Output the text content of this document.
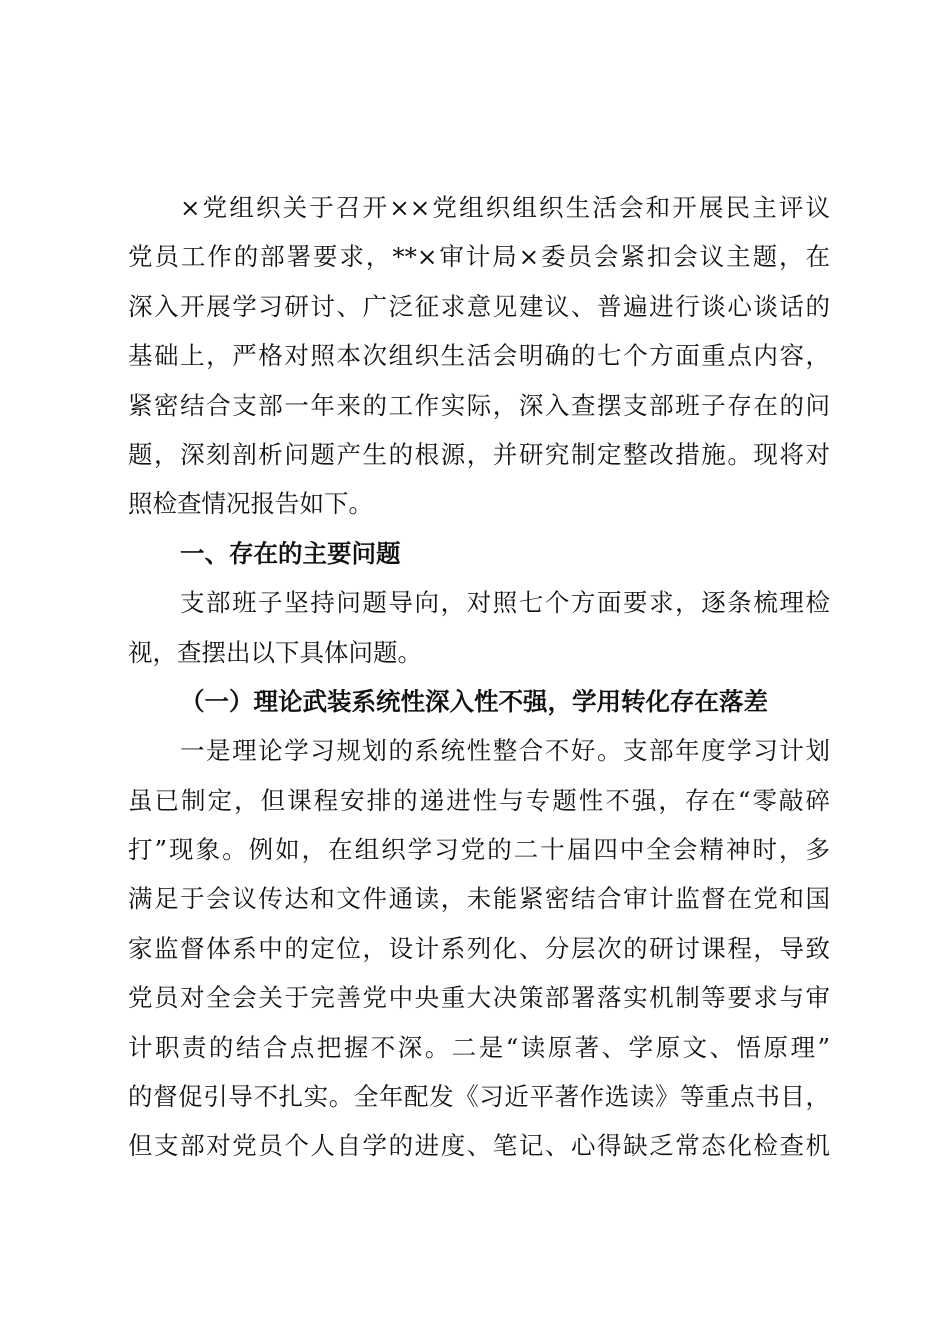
×党组织关于召开××党组织组织生活会和开展民主评议
党员工作的部署要求，**×审计局×委员会紧扣会议主题，在
深入开展学习研讨、广泛征求意见建议、普遍进行谈心谈话的
基础上，严格对照本次组织生活会明确的七个方面重点内容，
紧密结合支部一年来的工作实际，深入查摆支部班子存在的问
题，深刻剖析问题产生的根源，并研究制定整改措施。现将对
照检查情况报告如下。
一、存在的主要问题
支部班子坚持问题导向，对照七个方面要求，逐条梳理检
视，查摆出以下具体问题。
（一）理论武装系统性深入性不强，学用转化存在落差
一是理论学习规划的系统性整合不好。支部年度学习计划
虽已制定，但课程安排的递进性与专题性不强，存在“零敲碎
打”现象。例如，在组织学习党的二十届四中全会精神时，多
满足于会议传达和文件通读，未能紧密结合审计监督在党和国
家监督体系中的定位，设计系列化、分层次的研讨课程，导致
党员对全会关于完善党中央重大决策部署落实机制等要求与审
计职责的结合点把握不深。二是“读原著、学原文、悟原理”
的督促引导不扎实。全年配发《习近平著作选读》等重点书目，
但支部对党员个人自学的进度、笔记、心得缺乏常态化检查机
